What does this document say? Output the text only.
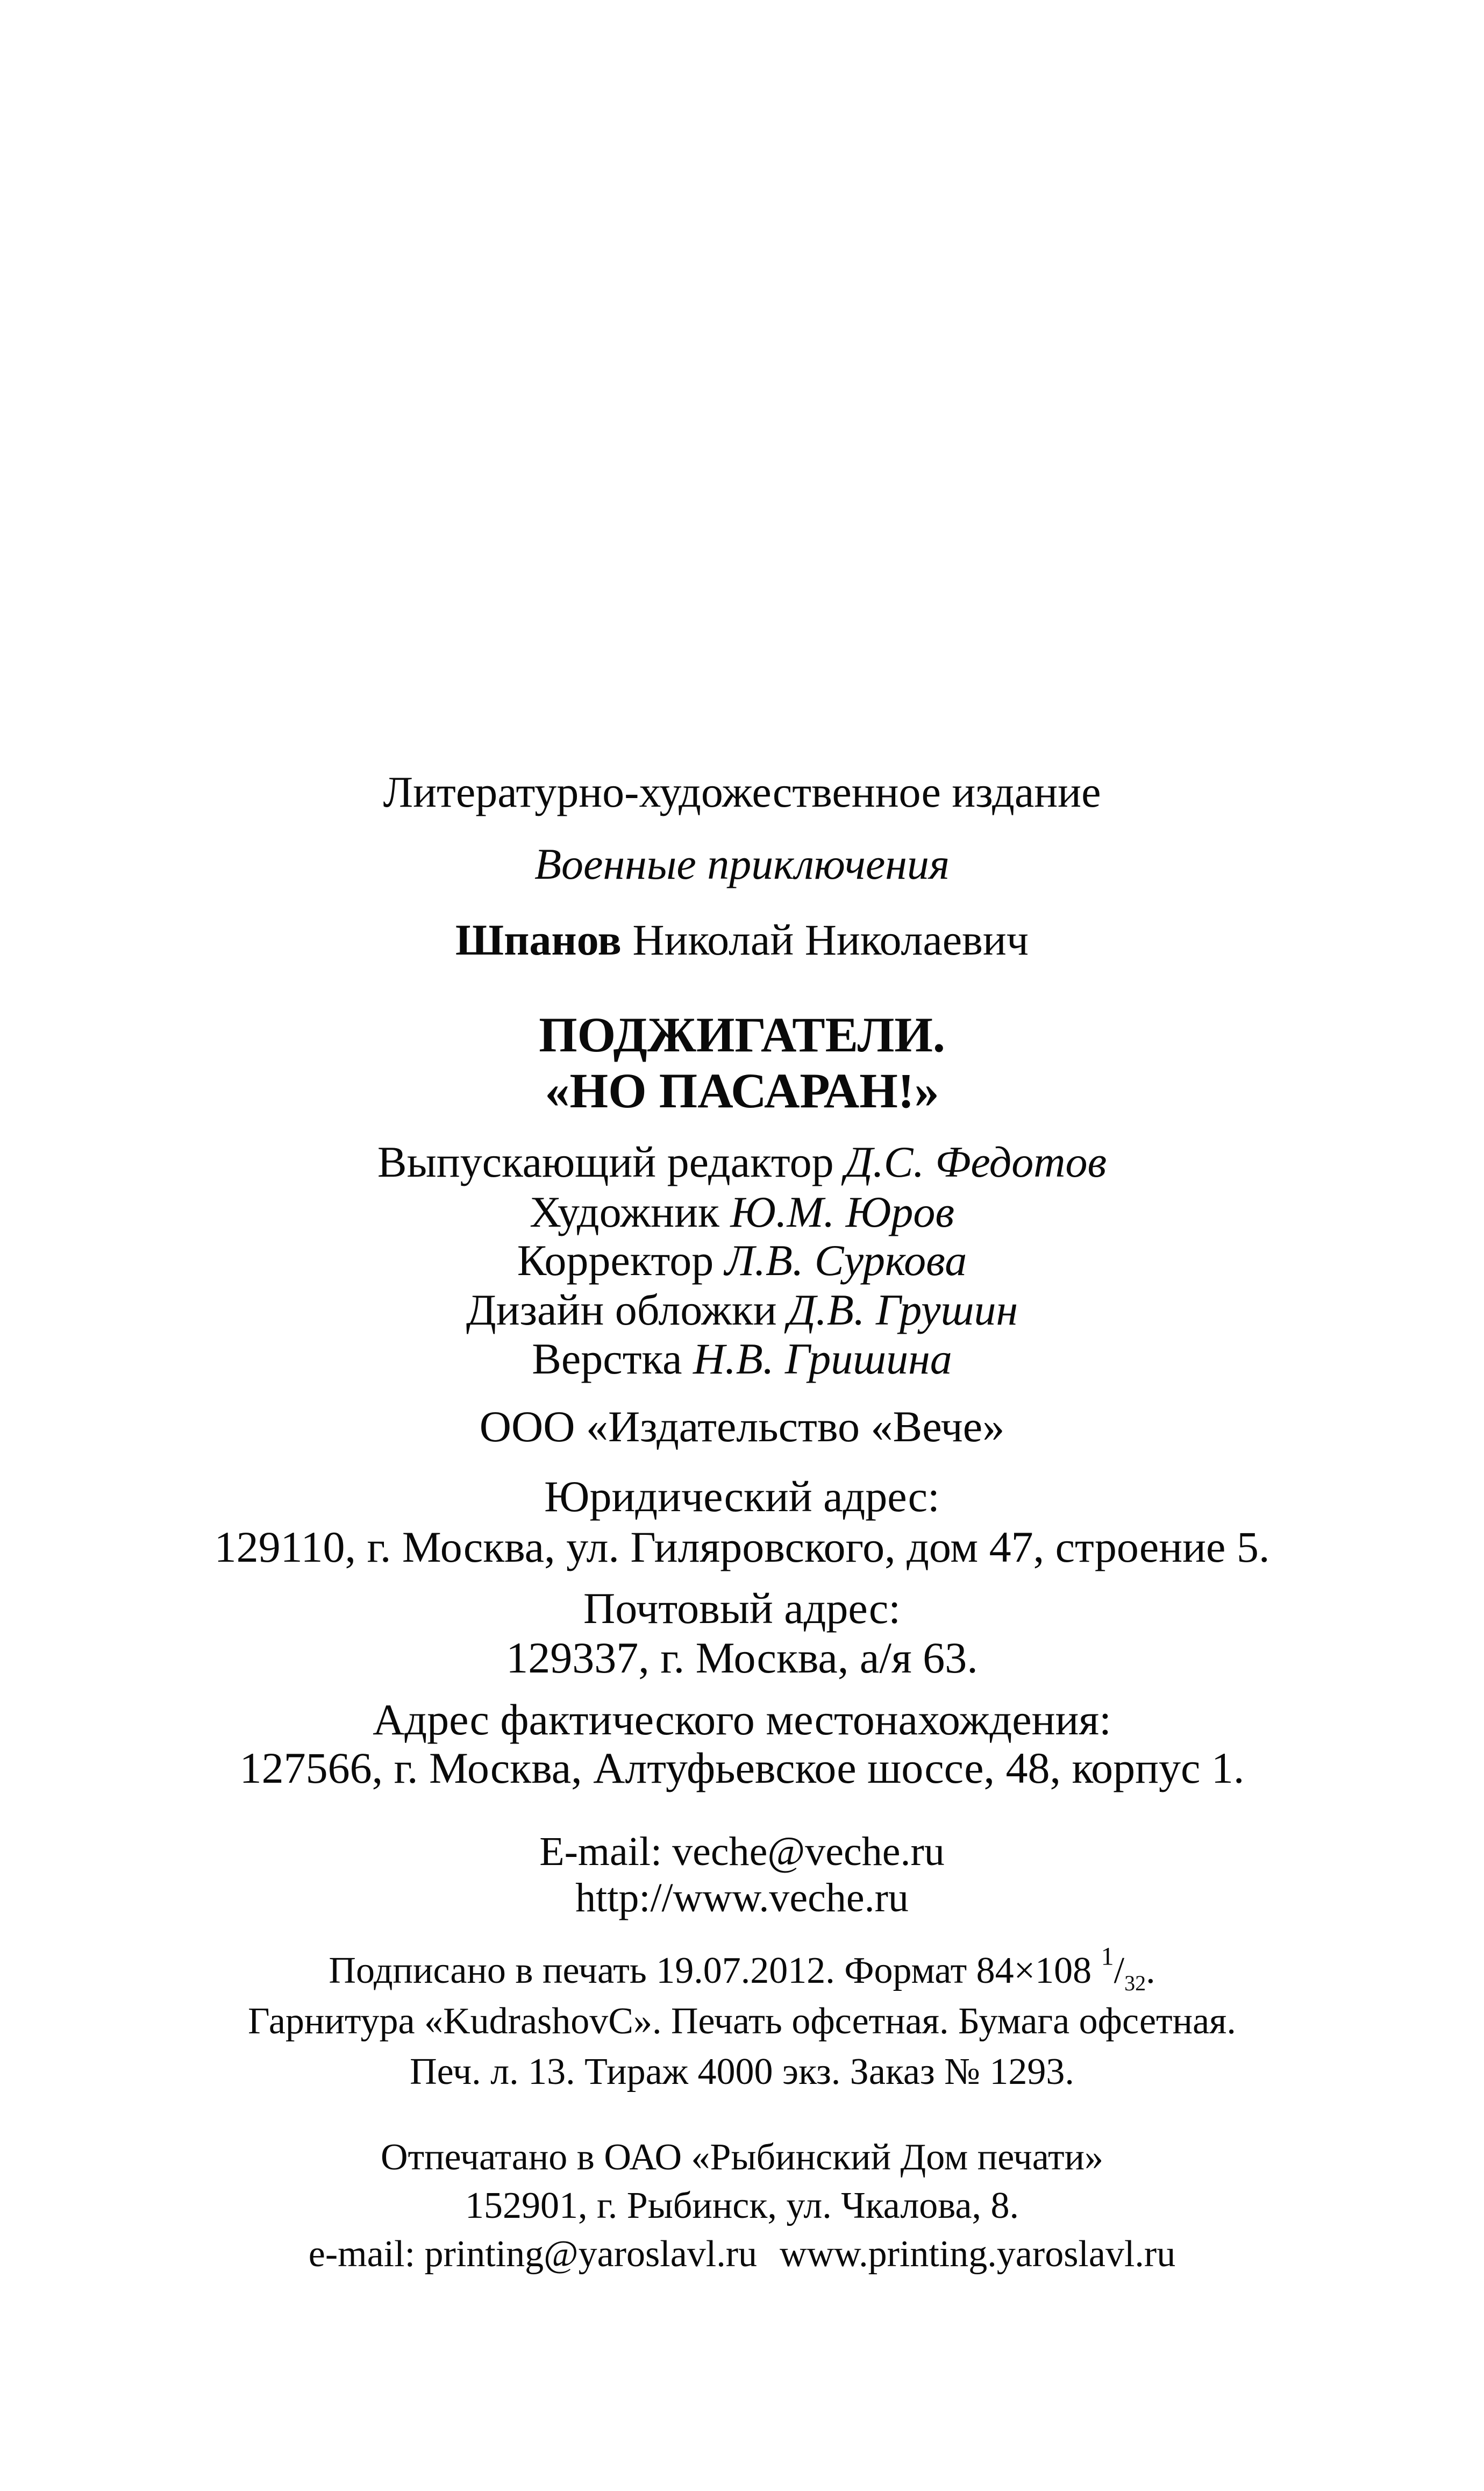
Литературно-художественное издание
Военные приключения
Шпанов Николай Николаевич
ПОДЖИГАТЕЛИ.
«НО ПАСАРАН!»
Выпускающий редактор Д.С. Федотов
Художник Ю.М. Юров
Корректор Л.В. Суркова
Дизайн обложки Д.В. Грушин
Верстка Н.В. Гришина
ООО «Издательство «Вече»
Юридический адрес:
129110, г. Москва, ул. Гиляровского, дом 47, строение 5.
Почтовый адрес:
129337, г. Москва, а/я 63.
Адрес фактического местонахождения:
127566, г. Москва, Алтуфьевское шоссе, 48, корпус 1.
E-mail: veche@veche.ru
http://www.veche.ru
Подписано в печать 19.07.2012. Формат 84×108 $^1/_{32}$.
Гарнитура «KudrashovC». Печать офсетная. Бумага офсетная.
Печ. л. 13. Тираж 4000 экз. Заказ № 1293.
Отпечатано в ОАО «Рыбинский Дом печати»
152901, г. Рыбинск, ул. Чкалова, 8.
e-mail: printing@yaroslavl.ru www.printing.yaroslavl.ru
